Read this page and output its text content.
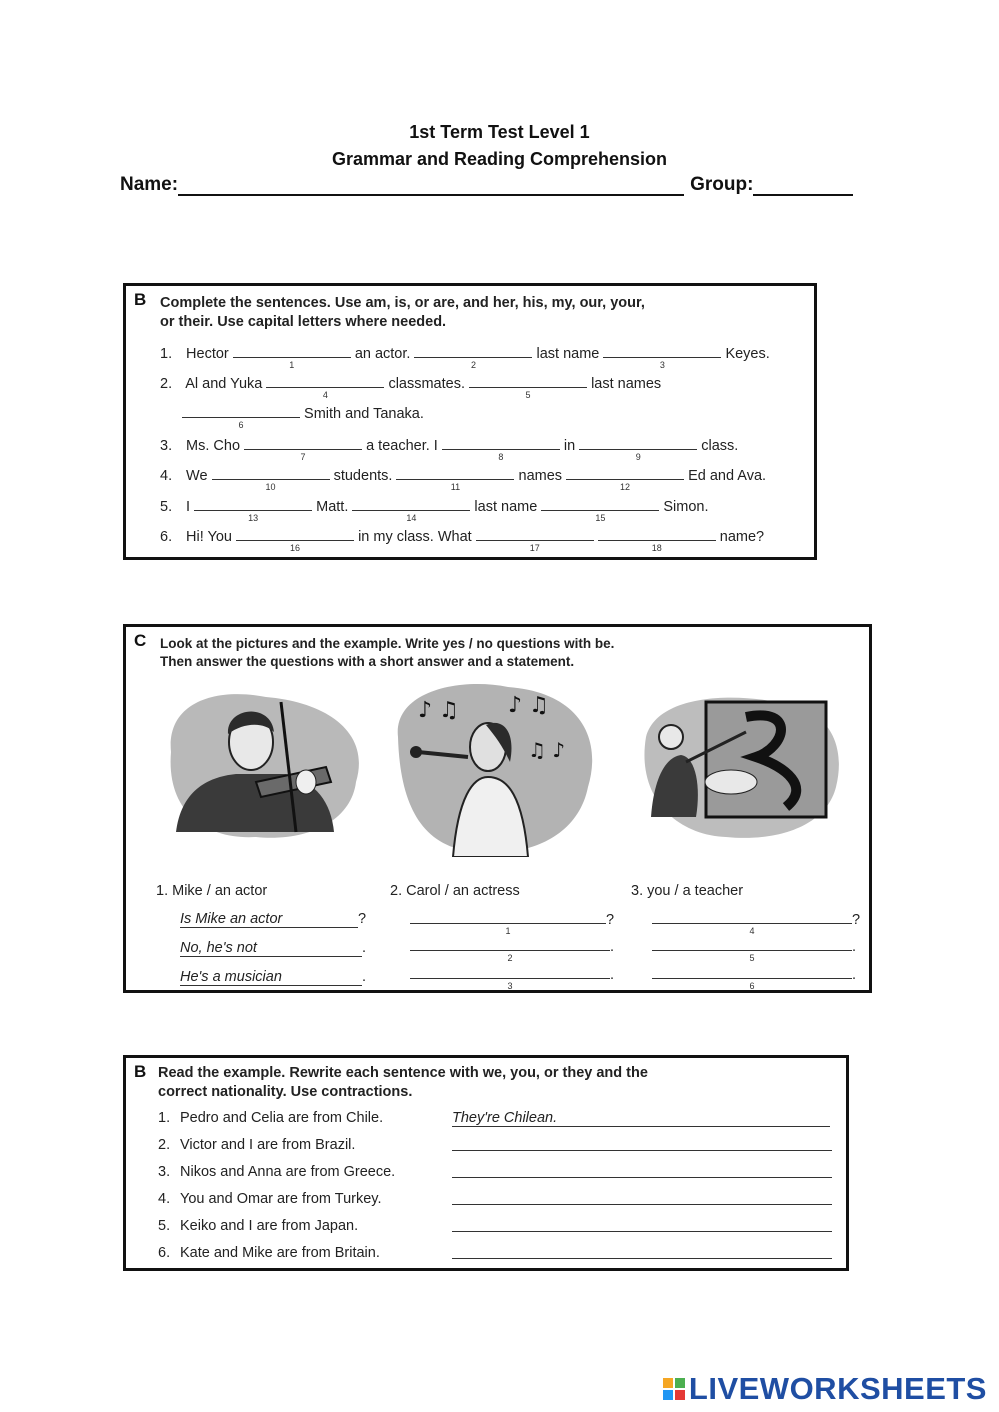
1st Term Test Level 1
Grammar and Reading Comprehension
Name:	Group:
B Complete the sentences. Use am, is, or are, and her, his, my, our, your,
or their. Use capital letters where needed.
1. Hector
1
an actor.
2
last name
3
Keyes.
2. Al and Yuka
4
classmates.
5
last names
6
Smith and Tanaka.
3. Ms. Cho
7
a teacher. I
8
in
9
class.
4. We
10
students.
11
names
12
Ed and Ava.
5. I
13
Matt.
14
last name
15
Simon.
6. Hi! You
16
in my class. What
17
	18
name?
C Look at the pictures and the example. Write yes / no questions with be.
Then answer the questions with a short answer and a statement.
♪ ♫ ♪ ♫
♫ ♪
1. Mike / an actor
Is Mike an actor	?
No, he's not	.
He's a musician	.
2. Carol / an actress
1
?
2
.
3
.
3. you / a teacher
4
?
5
.
6
.
B Read the example. Rewrite each sentence with we, you, or they and the
correct nationality. Use contractions.
1. Pedro and Celia are from Chile.	They're Chilean.
2. Victor and I are from Brazil.
3. Nikos and Anna are from Greece.
4. You and Omar are from Turkey.
5. Keiko and I are from Japan.
6. Kate and Mike are from Britain.
LIVEWORKSHEETS
